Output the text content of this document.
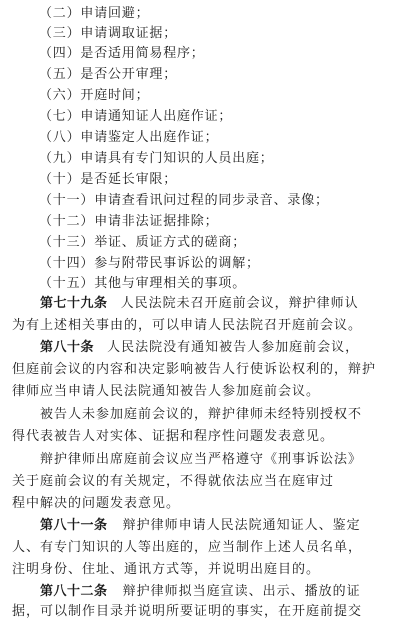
（二）申请回避；
（三）申请调取证据；
（四）是否适用简易程序；
（五）是否公开审理；
（六）开庭时间；
（七）申请通知证人出庭作证；
（八）申请鉴定人出庭作证；
（九）申请具有专门知识的人员出庭；
（十）是否延长审限；
（十一）申请查看讯问过程的同步录音、录像；
（十二）申请非法证据排除；
（十三）举证、质证方式的磋商；
（十四）参与附带民事诉讼的调解；
（十五）其他与审理相关的事项。
第七十九条 人民法院未召开庭前会议，辩护律师认
为有上述相关事由的，可以申请人民法院召开庭前会议。
第八十条 人民法院没有通知被告人参加庭前会议，
但庭前会议的内容和决定影响被告人行使诉讼权利的，辩护
律师应当申请人民法院通知被告人参加庭前会议。
被告人未参加庭前会议的，辩护律师未经特别授权不
得代表被告人对实体、证据和程序性问题发表意见。
辩护律师出席庭前会议应当严格遵守《刑事诉讼法》
关于庭前会议的有关规定，不得就依法应当在庭审过
程中解决的问题发表意见。
第八十一条 辩护律师申请人民法院通知证人、鉴定
人、有专门知识的人等出庭的，应当制作上述人员名单，
注明身份、住址、通讯方式等，并说明出庭目的。
第八十二条 辩护律师拟当庭宣读、出示、播放的证
据，可以制作目录并说明所要证明的事实，在开庭前提交
